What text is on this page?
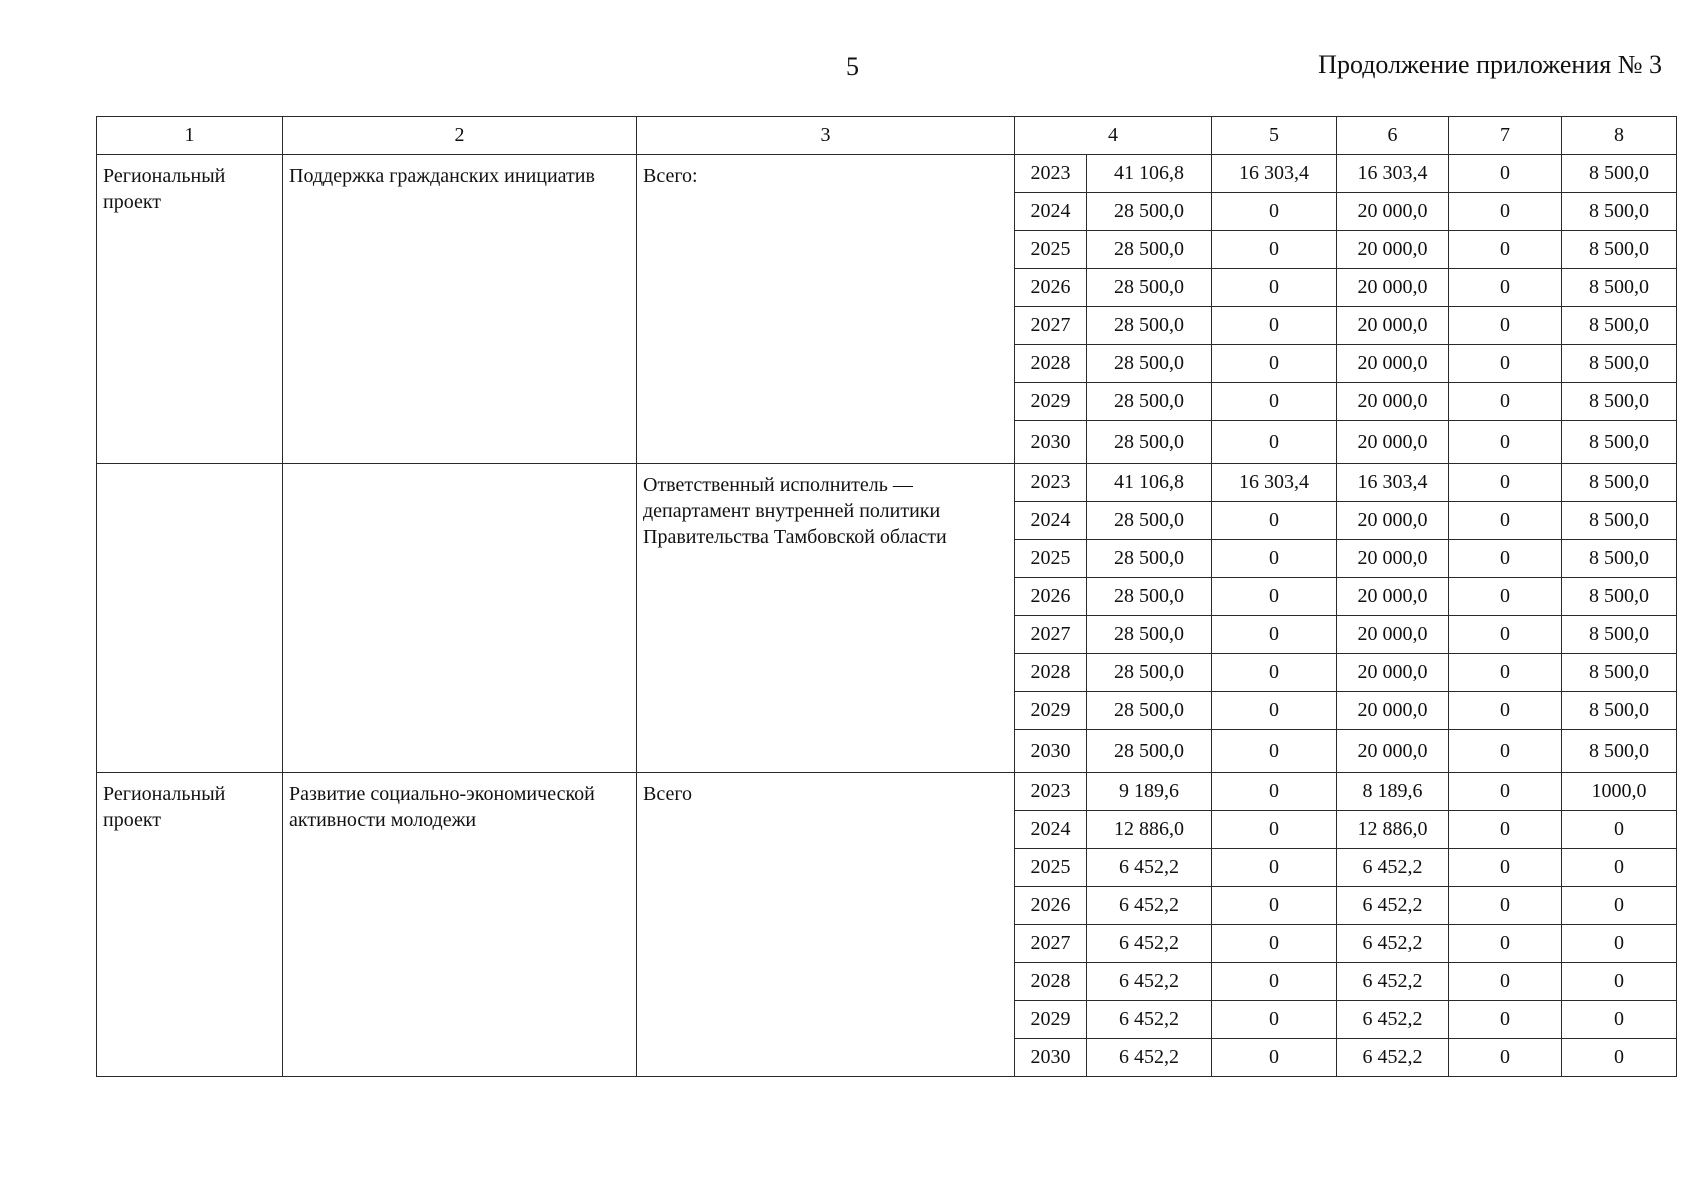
5	Продолжение приложения № 3
1	2	3	4		5	6	7	8
Региональный проект	Поддержка гражданских инициатив	Всего:	2023	41 106,8	16 303,4	16 303,4	0	8 500,0
			2024	28 500,0	0	20 000,0	0	8 500,0
			2025	28 500,0	0	20 000,0	0	8 500,0
			2026	28 500,0	0	20 000,0	0	8 500,0
			2027	28 500,0	0	20 000,0	0	8 500,0
			2028	28 500,0	0	20 000,0	0	8 500,0
			2029	28 500,0	0	20 000,0	0	8 500,0
			2030	28 500,0	0	20 000,0	0	8 500,0
		Ответственный исполнитель — департамент внутренней политики Правительства Тамбовской области	2023	41 106,8	16 303,4	16 303,4	0	8 500,0
			2024	28 500,0	0	20 000,0	0	8 500,0
			2025	28 500,0	0	20 000,0	0	8 500,0
			2026	28 500,0	0	20 000,0	0	8 500,0
			2027	28 500,0	0	20 000,0	0	8 500,0
			2028	28 500,0	0	20 000,0	0	8 500,0
			2029	28 500,0	0	20 000,0	0	8 500,0
			2030	28 500,0	0	20 000,0	0	8 500,0
Региональный проект	Развитие социально-экономической активности молодежи	Всего	2023	9 189,6	0	8 189,6	0	1000,0
			2024	12 886,0	0	12 886,0	0	0
			2025	6 452,2	0	6 452,2	0	0
			2026	6 452,2	0	6 452,2	0	0
			2027	6 452,2	0	6 452,2	0	0
			2028	6 452,2	0	6 452,2	0	0
			2029	6 452,2	0	6 452,2	0	0
			2030	6 452,2	0	6 452,2	0	0
